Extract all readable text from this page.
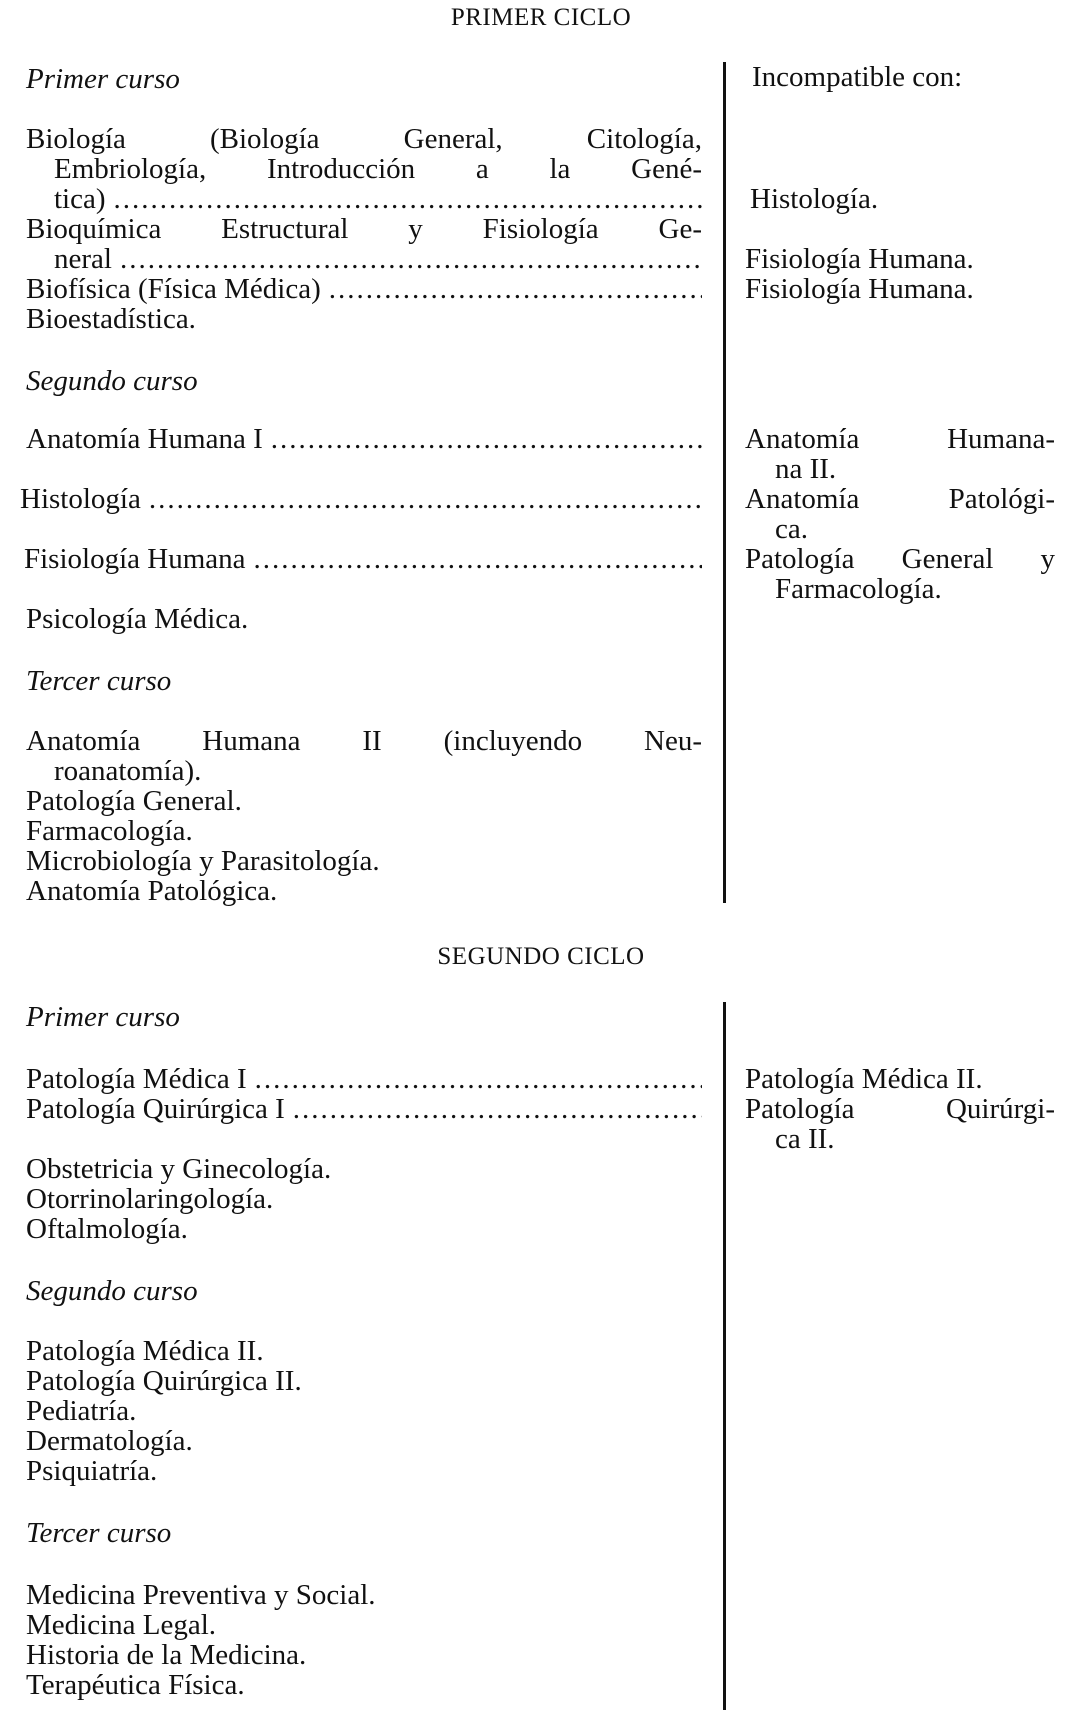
PRIMER CICLO
Primer curso	Incompatible con:
Biología (Biología General, Citología,
Embriología, Introducción a la Gené-
tica) .....	Histología.
Bioquímica Estructural y Fisiología Ge-
neral .....	Fisiología Humana.
Biofísica (Física Médica) .....	Fisiología Humana.
Bioestadística.
Segundo curso
Anatomía Humana I .....	Anatomía Humana-
na II.
Histología .....	Anatomía Patológi-
ca.
Fisiología Humana .....	Patología General y
Farmacología.
Psicología Médica.
Tercer curso
Anatomía Humana II (incluyendo Neu-
roanatomía).
Patología General.
Farmacología.
Microbiología y Parasitología.
Anatomía Patológica.
SEGUNDO CICLO
Primer curso
Patología Médica I .....	Patología Médica II.
Patología Quirúrgica I .....	Patología Quirúrgi-
ca II.
Obstetricia y Ginecología.
Otorrinolaringología.
Oftalmología.
Segundo curso
Patología Médica II.
Patología Quirúrgica II.
Pediatría.
Dermatología.
Psiquiatría.
Tercer curso
Medicina Preventiva y Social.
Medicina Legal.
Historia de la Medicina.
Terapéutica Física.
